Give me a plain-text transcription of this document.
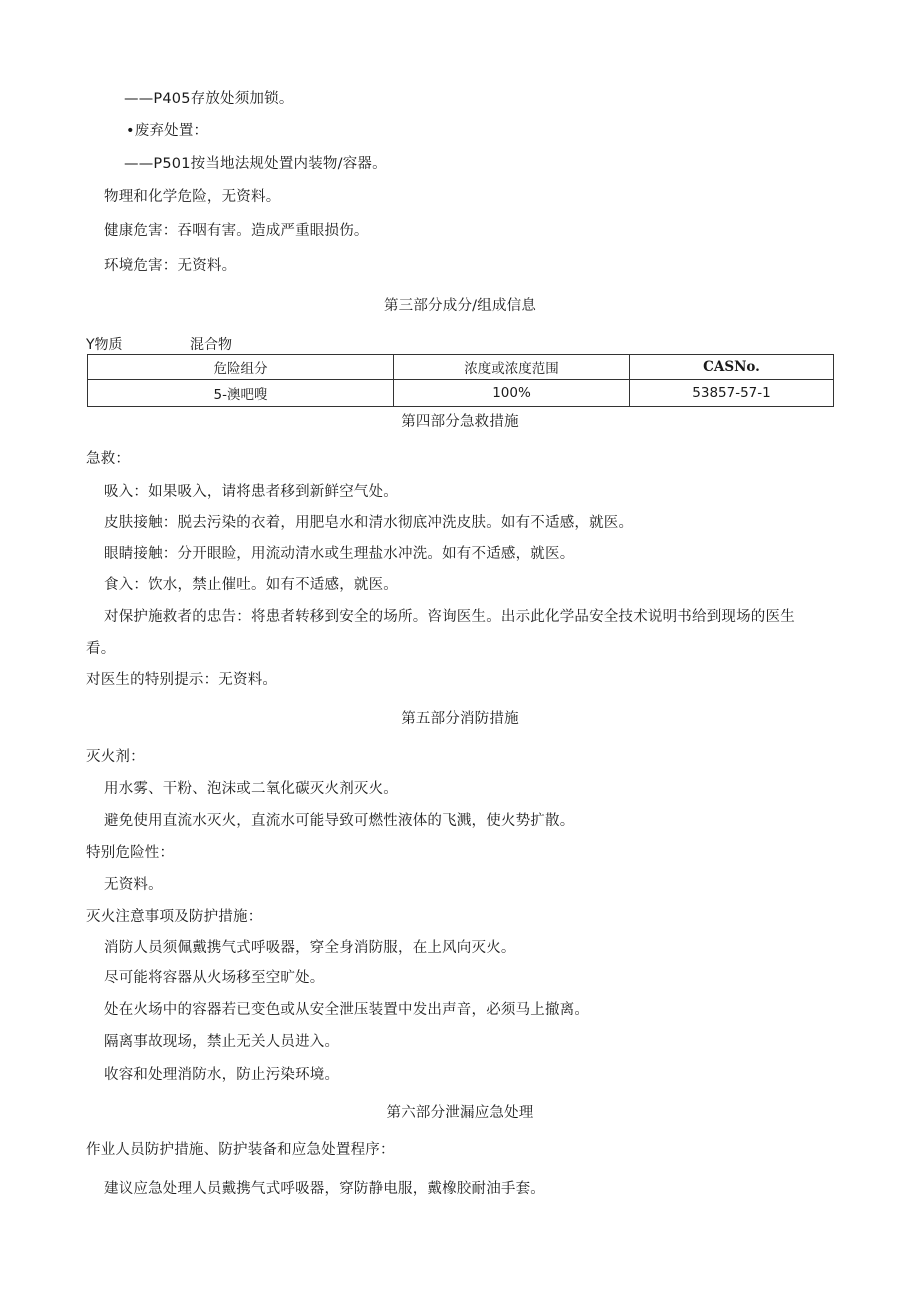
——P405存放处须加锁。
•废弃处置：
——P501按当地法规处置内装物/容器。
物理和化学危险，无资料。
健康危害：吞咽有害。造成严重眼损伤。
环境危害：无资料。
第三部分成分/组成信息
Y物质	混合物
危险组分	浓度或浓度范围	CASNo.
5-澳吧嗖	100%	53857-57-1
第四部分急救措施
急救：
吸入：如果吸入，请将患者移到新鲜空气处。
皮肤接触：脱去污染的衣着，用肥皂水和清水彻底冲洗皮肤。如有不适感，就医。
眼睛接触：分开眼睑，用流动清水或生理盐水冲洗。如有不适感，就医。
食入：饮水，禁止催吐。如有不适感，就医。
对保护施救者的忠告：将患者转移到安全的场所。咨询医生。出示此化学品安全技术说明书给到现场的医生
看。
对医生的特别提示：无资料。
第五部分消防措施
灭火剂：
用水雾、干粉、泡沫或二氧化碳灭火剂灭火。
避免使用直流水灭火，直流水可能导致可燃性液体的飞溅，使火势扩散。
特别危险性：
无资料。
灭火注意事项及防护措施：
消防人员须佩戴携气式呼吸器，穿全身消防服，在上风向灭火。
尽可能将容器从火场移至空旷处。
处在火场中的容器若已变色或从安全泄压装置中发出声音，必须马上撤离。
隔离事故现场，禁止无关人员进入。
收容和处理消防水，防止污染环境。
第六部分泄漏应急处理
作业人员防护措施、防护装备和应急处置程序：
建议应急处理人员戴携气式呼吸器，穿防静电服，戴橡胶耐油手套。
